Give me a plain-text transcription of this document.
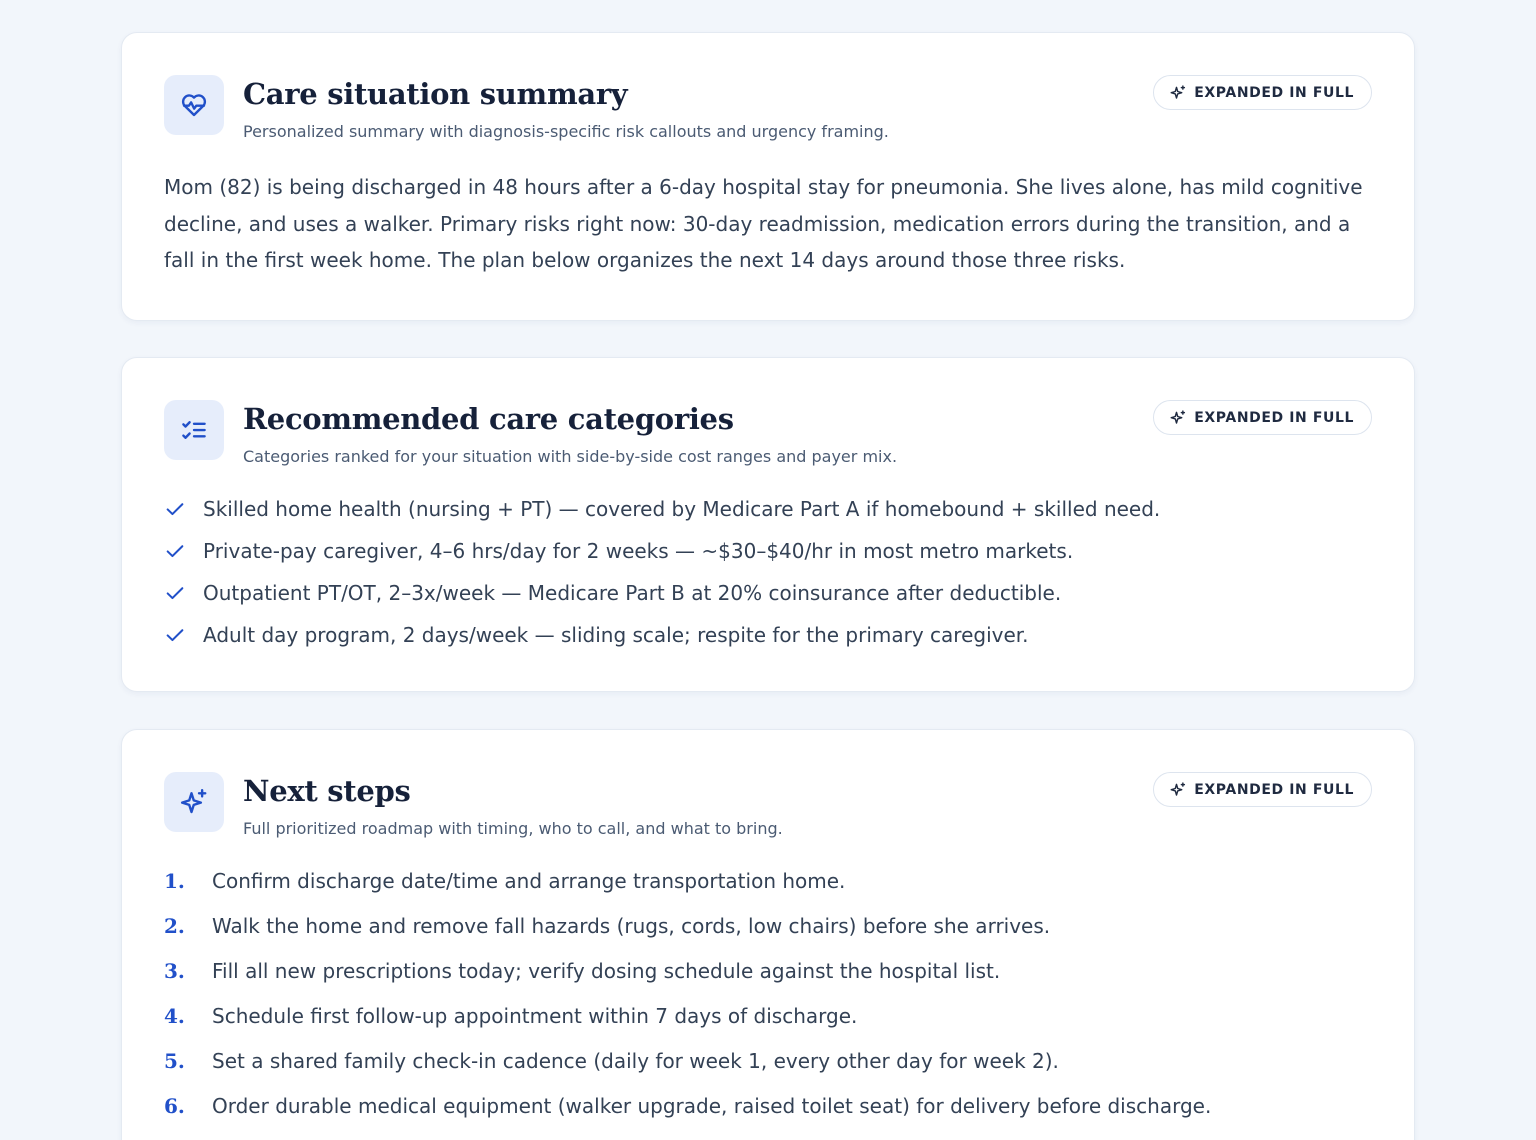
Care situation summary

Personalized summary with diagnosis-specific risk callouts and urgency framing.

EXPANDED IN FULL

Mom (82) is being discharged in 48 hours after a 6-day hospital stay for pneumonia. She lives alone, has mild cognitive decline, and uses a walker. Primary risks right now: 30-day readmission, medication errors during the transition, and a fall in the first week home. The plan below organizes the next 14 days around those three risks.

Recommended care categories

Categories ranked for your situation with side-by-side cost ranges and payer mix.

EXPANDED IN FULL
Skilled home health (nursing + PT) — covered by Medicare Part A if homebound + skilled need.
Private-pay caregiver, 4–6 hrs/day for 2 weeks — ~$30–$40/hr in most metro markets.
Outpatient PT/OT, 2–3x/week — Medicare Part B at 20% coinsurance after deductible.
Adult day program, 2 days/week — sliding scale; respite for the primary caregiver.
Next steps

Full prioritized roadmap with timing, who to call, and what to bring.

EXPANDED IN FULL
1.	Confirm discharge date/time and arrange transportation home.
2.	Walk the home and remove fall hazards (rugs, cords, low chairs) before she arrives.
3.	Fill all new prescriptions today; verify dosing schedule against the hospital list.
4.	Schedule first follow-up appointment within 7 days of discharge.
5.	Set a shared family check-in cadence (daily for week 1, every other day for week 2).
6.	Order durable medical equipment (walker upgrade, raised toilet seat) for delivery before discharge.
